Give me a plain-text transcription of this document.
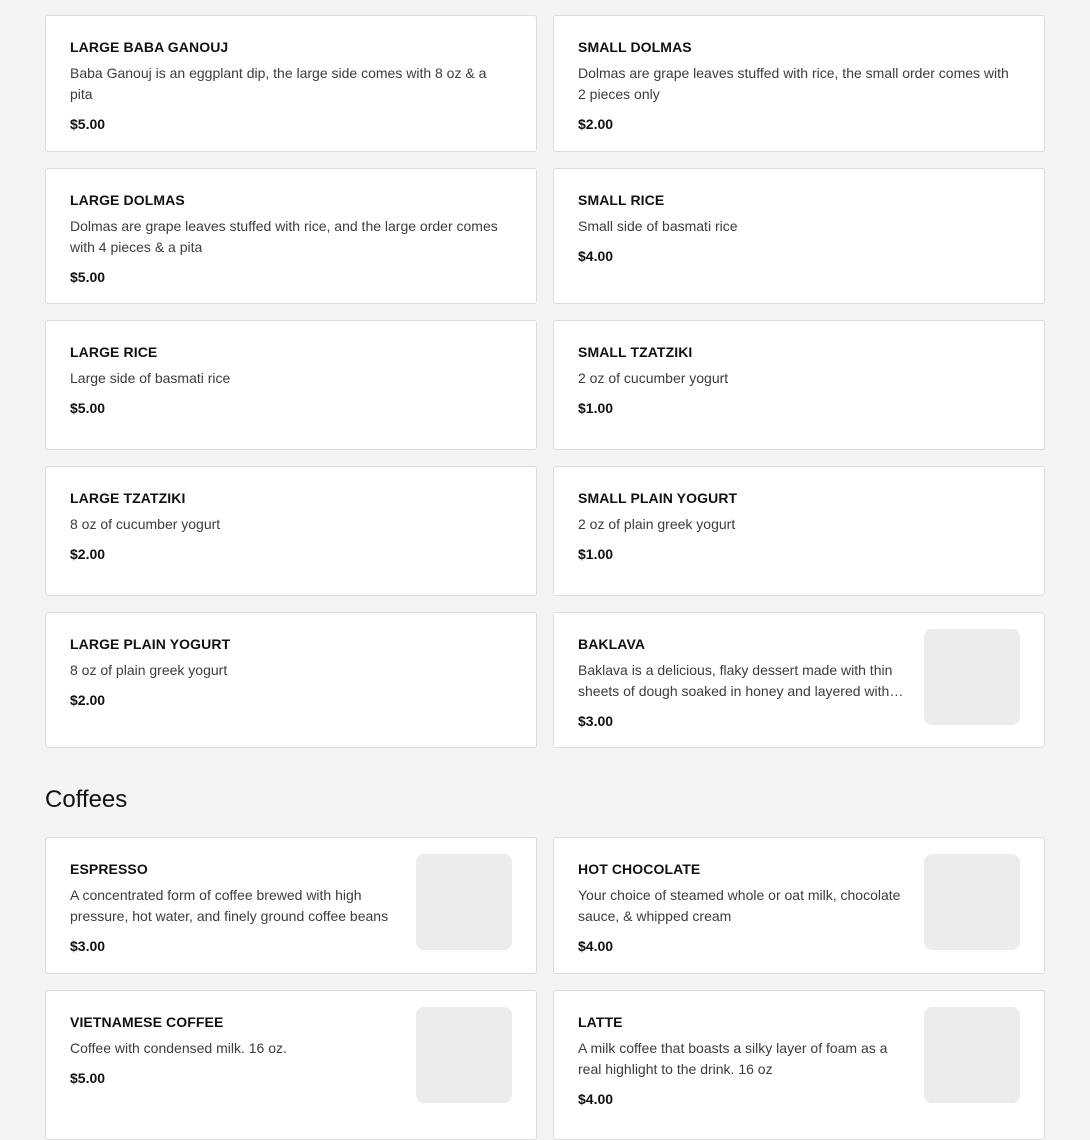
LARGE BABA GANOUJ
Baba Ganouj is an eggplant dip, the large side comes with 8 oz & a pita
$5.00
SMALL DOLMAS
Dolmas are grape leaves stuffed with rice, the small order comes with 2 pieces only
$2.00
LARGE DOLMAS
Dolmas are grape leaves stuffed with rice, and the large order comes with 4 pieces & a pita
$5.00
SMALL RICE
Small side of basmati rice
$4.00
LARGE RICE
Large side of basmati rice
$5.00
SMALL TZATZIKI
2 oz of cucumber yogurt
$1.00
LARGE TZATZIKI
8 oz of cucumber yogurt
$2.00
SMALL PLAIN YOGURT
2 oz of plain greek yogurt
$1.00
LARGE PLAIN YOGURT
8 oz of plain greek yogurt
$2.00
BAKLAVA
Baklava is a delicious, flaky dessert made with thin sheets of dough soaked in honey and layered with
$3.00
Coffees
ESPRESSO
A concentrated form of coffee brewed with high pressure, hot water, and finely ground coffee beans
$3.00
HOT CHOCOLATE
Your choice of steamed whole or oat milk, chocolate sauce, & whipped cream
$4.00
VIETNAMESE COFFEE
Coffee with condensed milk. 16 oz.
$5.00
LATTE
A milk coffee that boasts a silky layer of foam as a real highlight to the drink. 16 oz
$4.00
